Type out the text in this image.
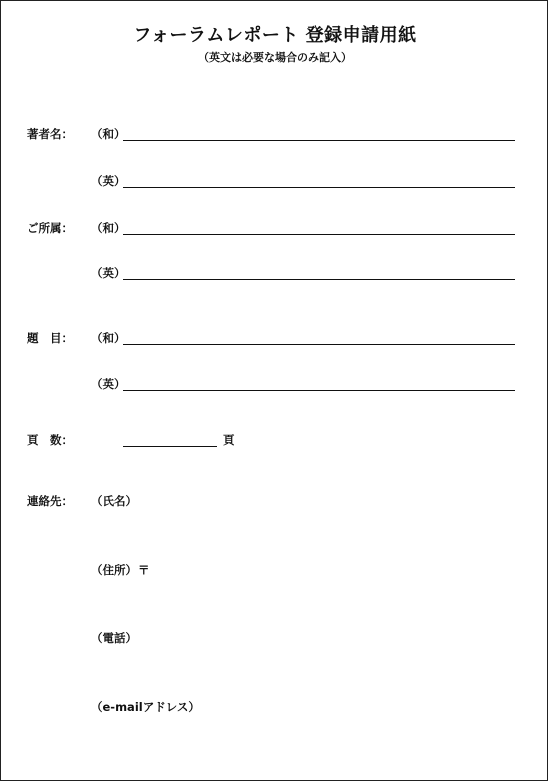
フォーラムレポート 登録申請用紙
（英文は必要な場合のみ記入）
著者名： （和）
（英）
ご所属： （和）
（英）
題　目： （和）
（英）
頁　数：	頁
連絡先： （氏名）
（住所） 〒
（電話）
（e-mailアドレス）
